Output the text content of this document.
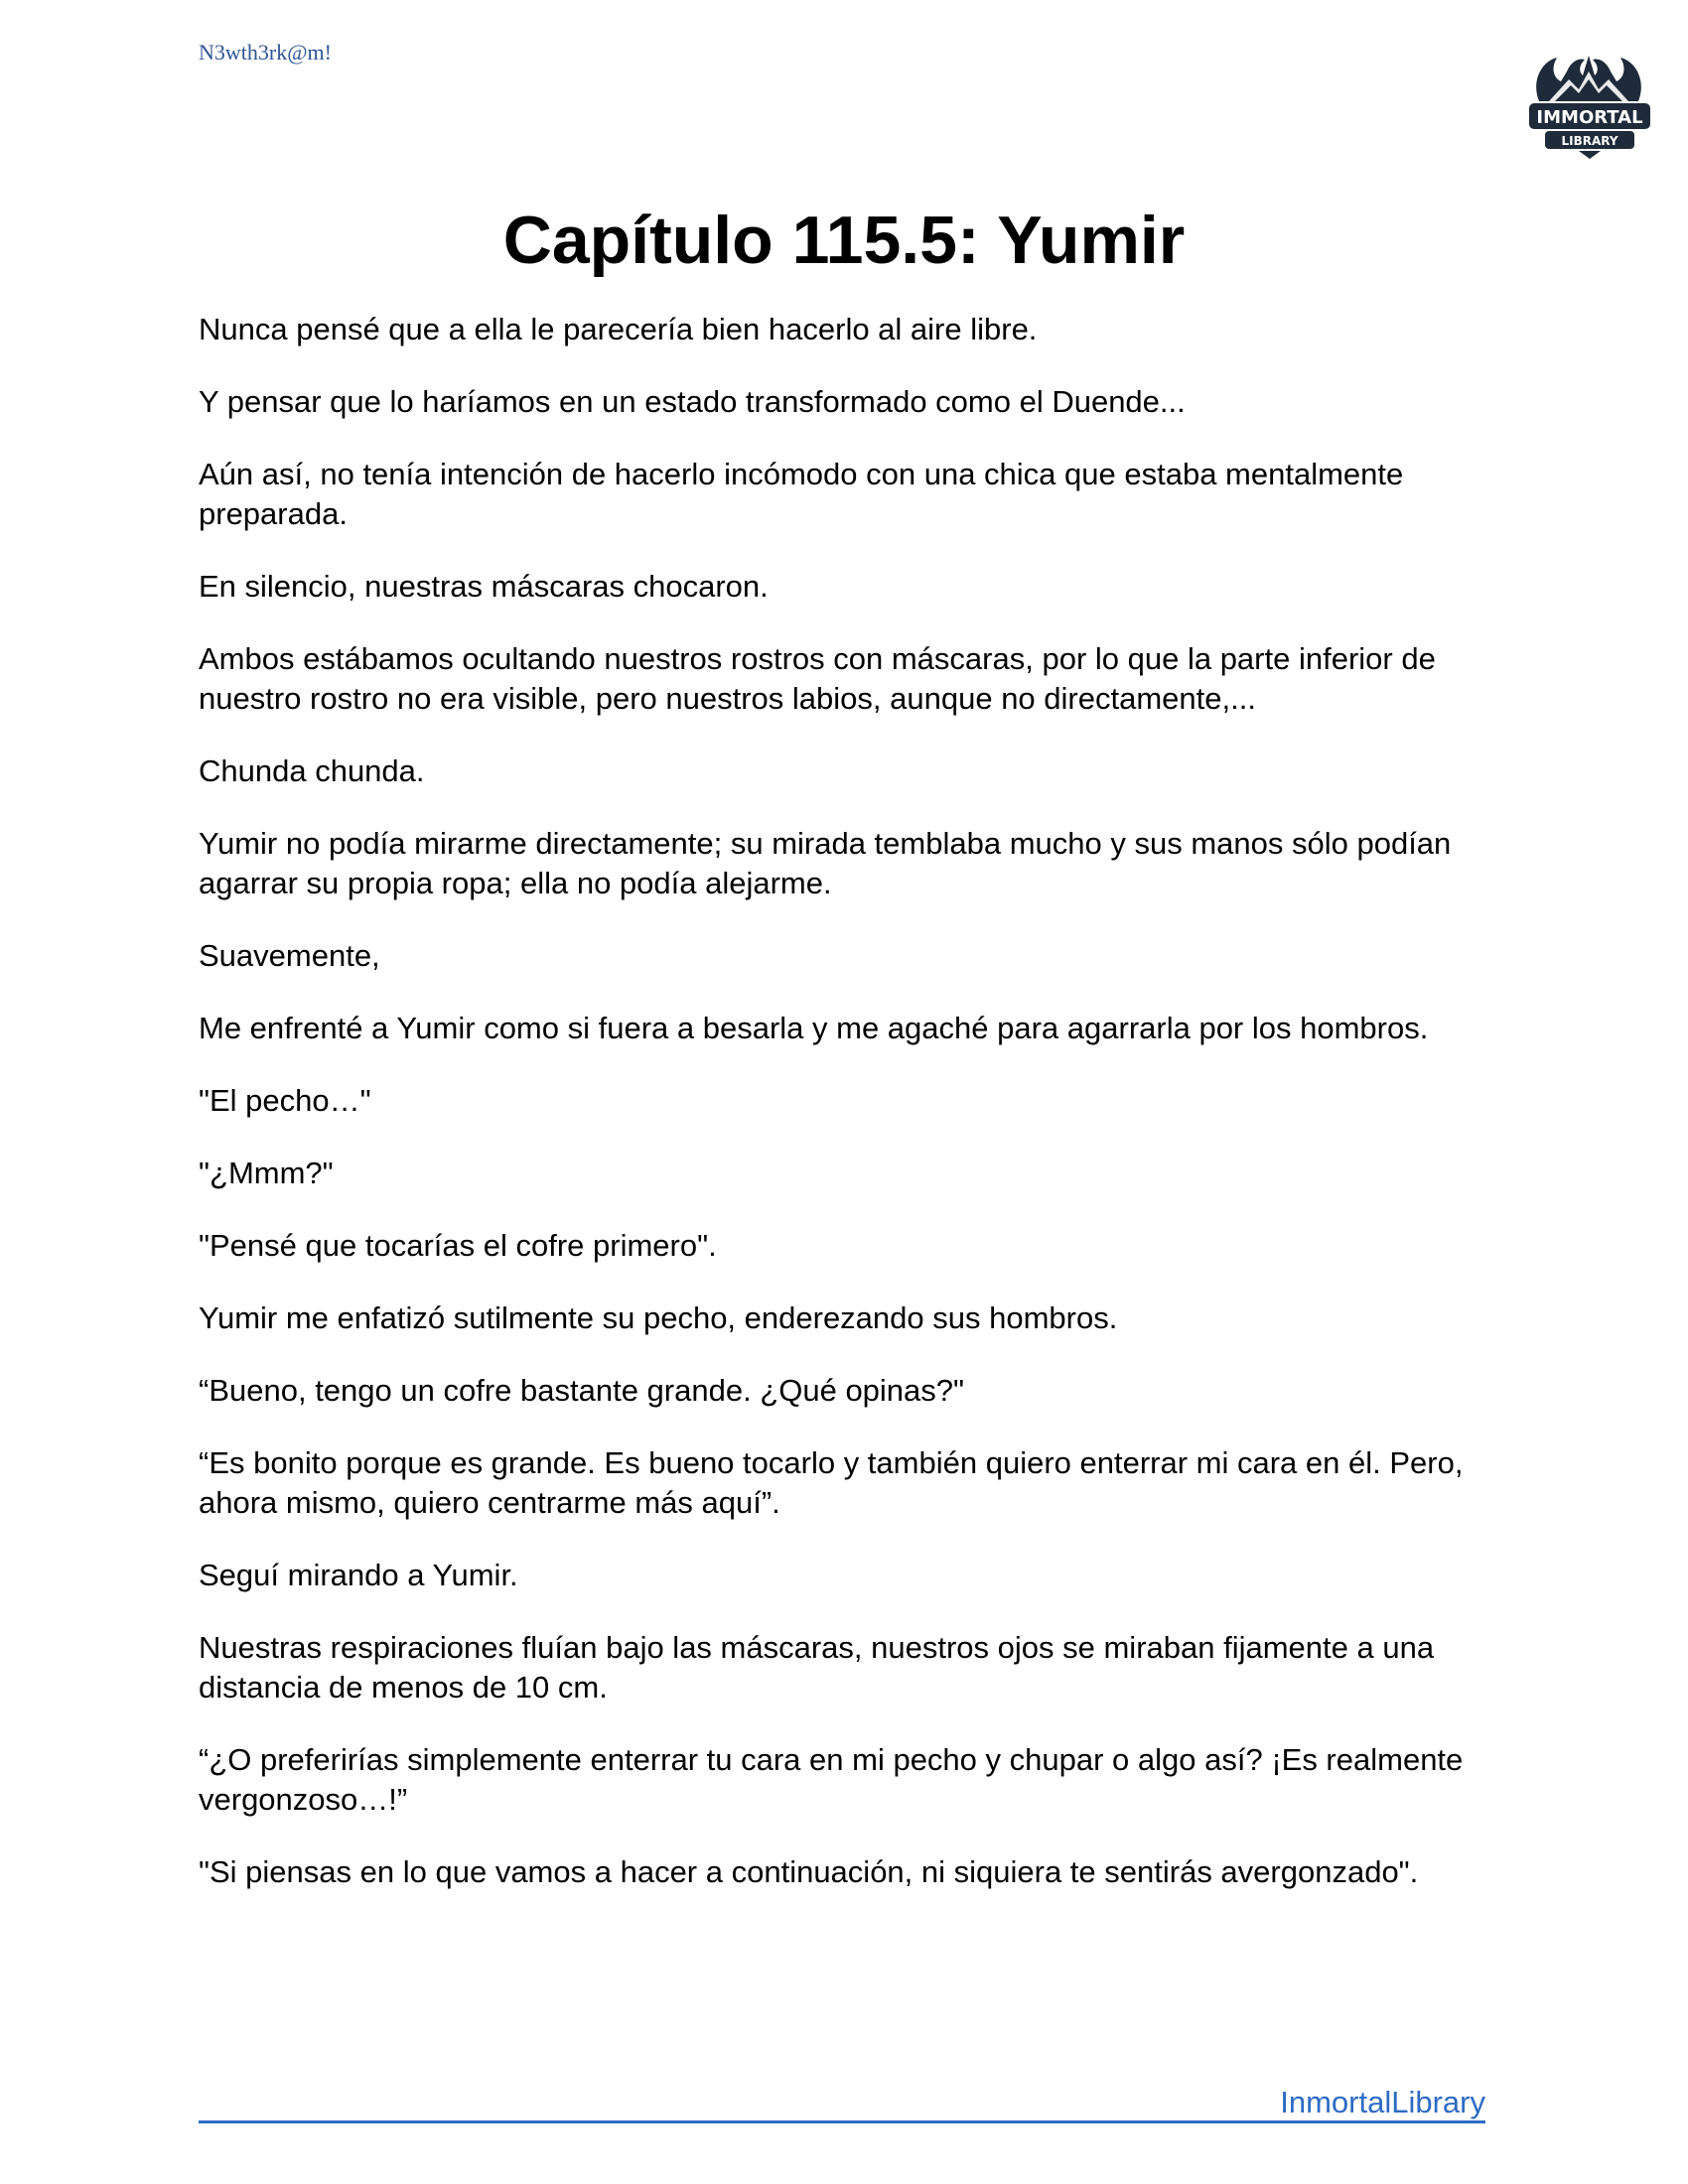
N3wth3rk@m!
IMMORTAL
LIBRARY
Capítulo 115.5: Yumir

Nunca pensé que a ella le parecería bien hacerlo al aire libre.

Y pensar que lo haríamos en un estado transformado como el Duende...

Aún así, no tenía intención de hacerlo incómodo con una chica que estaba mentalmente preparada.

En silencio, nuestras máscaras chocaron.

Ambos estábamos ocultando nuestros rostros con máscaras, por lo que la parte inferior de nuestro rostro no era visible, pero nuestros labios, aunque no directamente,...

Chunda chunda.

Yumir no podía mirarme directamente; su mirada temblaba mucho y sus manos sólo podían agarrar su propia ropa; ella no podía alejarme.

Suavemente,

Me enfrenté a Yumir como si fuera a besarla y me agaché para agarrarla por los hombros.

"El pecho…"

"¿Mmm?"

"Pensé que tocarías el cofre primero".

Yumir me enfatizó sutilmente su pecho, enderezando sus hombros.

“Bueno, tengo un cofre bastante grande. ¿Qué opinas?"

“Es bonito porque es grande. Es bueno tocarlo y también quiero enterrar mi cara en él. Pero, ahora mismo, quiero centrarme más aquí”.

Seguí mirando a Yumir.

Nuestras respiraciones fluían bajo las máscaras, nuestros ojos se miraban fijamente a una distancia de menos de 10 cm.

“¿O preferirías simplemente enterrar tu cara en mi pecho y chupar o algo así? ¡Es realmente vergonzoso…!”

"Si piensas en lo que vamos a hacer a continuación, ni siquiera te sentirás avergonzado".

InmortalLibrary
